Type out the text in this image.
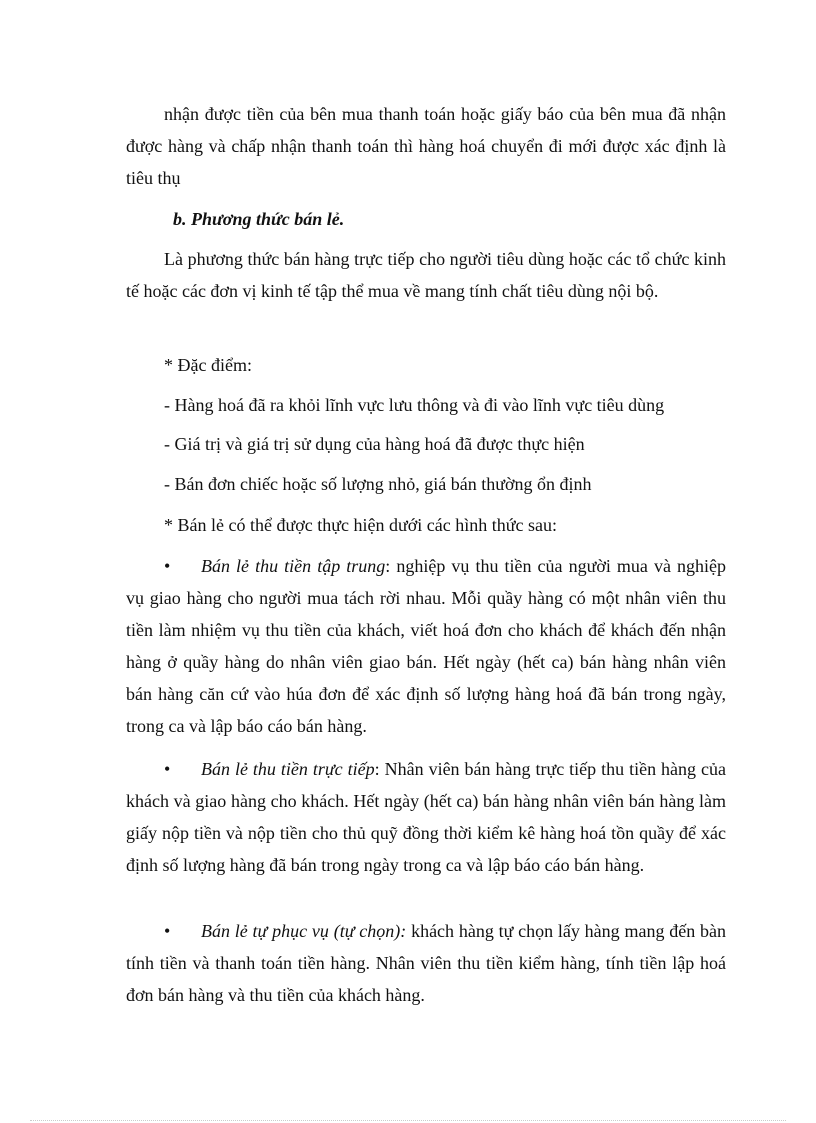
nhận được tiền của bên mua thanh toán hoặc giấy báo của bên mua đã nhận được hàng và chấp nhận thanh toán thì hàng hoá chuyển đi mới được xác định là tiêu thụ

b. Phương thức bán lẻ.

Là phương thức bán hàng trực tiếp cho người tiêu dùng hoặc các tổ chức kinh tế hoặc các đơn vị kinh tế tập thể mua về mang tính chất tiêu dùng nội bộ.

* Đặc điểm:

- Hàng hoá đã ra khỏi lĩnh vực lưu thông và đi vào lĩnh vực tiêu dùng

- Giá trị và giá trị sử dụng của hàng hoá đã được thực hiện

- Bán đơn chiếc hoặc số lượng nhỏ, giá bán thường ổn định

* Bán lẻ có thể được thực hiện dưới các hình thức sau:

• Bán lẻ thu tiền tập trung: nghiệp vụ thu tiền của người mua và nghiệp vụ giao hàng cho người mua tách rời nhau. Mỗi quầy hàng có một nhân viên thu tiền làm nhiệm vụ thu tiền của khách, viết hoá đơn cho khách để khách đến nhận hàng ở quầy hàng do nhân viên giao bán. Hết ngày (hết ca) bán hàng nhân viên bán hàng căn cứ vào húa đơn để xác định số lượng hàng hoá đã bán trong ngày, trong ca và lập báo cáo bán hàng.

• Bán lẻ thu tiền trực tiếp: Nhân viên bán hàng trực tiếp thu tiền hàng của khách và giao hàng cho khách. Hết ngày (hết ca) bán hàng nhân viên bán hàng làm giấy nộp tiền và nộp tiền cho thủ quỹ đồng thời kiểm kê hàng hoá tồn quầy để xác định số lượng hàng đã bán trong ngày trong ca và lập báo cáo bán hàng.

• Bán lẻ tự phục vụ (tự chọn): khách hàng tự chọn lấy hàng mang đến bàn tính tiền và thanh toán tiền hàng. Nhân viên thu tiền kiểm hàng, tính tiền lập hoá đơn bán hàng và thu tiền của khách hàng.
